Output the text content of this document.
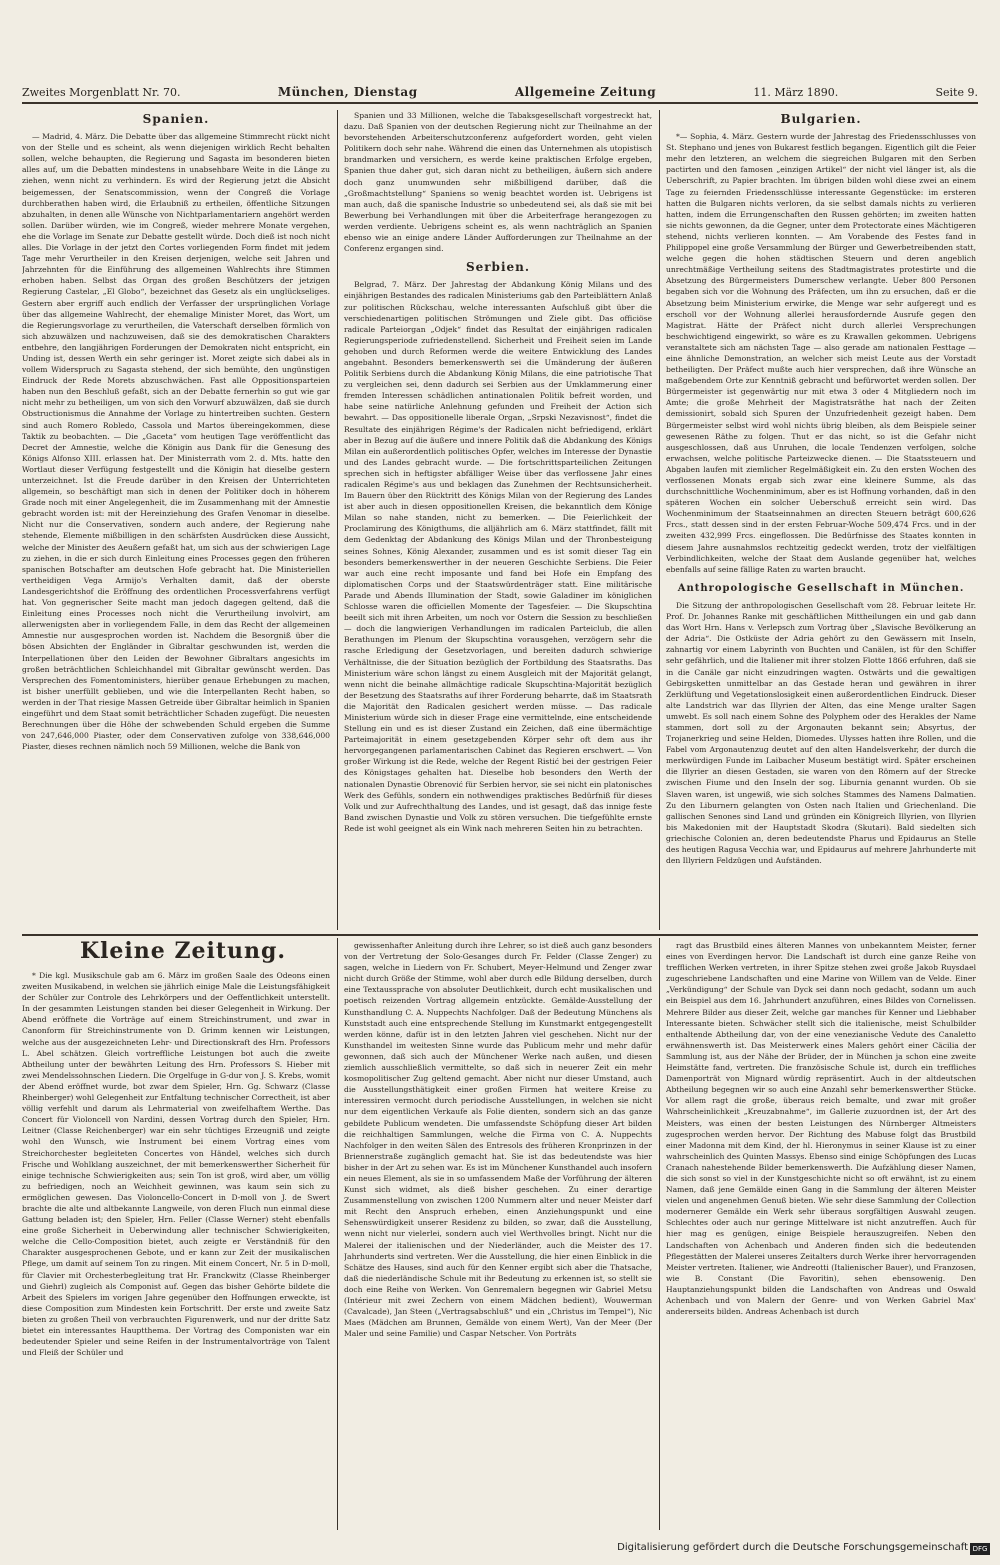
Zweites Morgenblatt Nr. 70.	München, Dienstag	Allgemeine Zeitung	11. März 1890.	Seite 9.
Spanien.

— Madrid, 4. März. Die Debatte über das allgemeine Stimmrecht rückt nicht von der Stelle und es scheint, als wenn diejenigen wirklich Recht behalten sollen, welche behaupten, die Regierung und Sagasta im besonderen bieten alles auf, um die Debatten mindestens in unabsehbare Weite in die Länge zu ziehen, wenn nicht zu verhindern. Es wird der Regierung jetzt die Absicht beigemessen, der Senatscommission, wenn der Congreß die Vorlage durchberathen haben wird, die Erlaubniß zu ertheilen, öffentliche Sitzungen abzuhalten, in denen alle Wünsche von Nichtparlamentariern angehört werden sollen. Darüber würden, wie im Congreß, wieder mehrere Monate vergehen, ehe die Vorlage im Senate zur Debatte gestellt würde. Doch dieß ist noch nicht alles. Die Vorlage in der jetzt den Cortes vorliegenden Form findet mit jedem Tage mehr Verurtheiler in den Kreisen derjenigen, welche seit Jahren und Jahrzehnten für die Einführung des allgemeinen Wahlrechts ihre Stimmen erhoben haben. Selbst das Organ des großen Beschützers der jetzigen Regierung Castelar, „El Globo“, bezeichnet das Gesetz als ein unglückseliges. Gestern aber ergriff auch endlich der Verfasser der ursprünglichen Vorlage über das allgemeine Wahlrecht, der ehemalige Minister Moret, das Wort, um die Regierungsvorlage zu verurtheilen, die Vaterschaft derselben förmlich von sich abzuwälzen und nachzuweisen, daß sie des demokratischen Charakters entbehre, den langjährigen Forderungen der Demokraten nicht entspricht, ein Unding ist, dessen Werth ein sehr geringer ist. Moret zeigte sich dabei als in vollem Widerspruch zu Sagasta stehend, der sich bemühte, den ungünstigen Eindruck der Rede Morets abzuschwächen. Fast alle Oppositionsparteien haben nun den Beschluß gefaßt, sich an der Debatte fernerhin so gut wie gar nicht mehr zu betheiligen, um von sich den Vorwurf abzuwälzen, daß sie durch Obstructionismus die Annahme der Vorlage zu hintertreiben suchten. Gestern sind auch Romero Robledo, Cassola und Martos übereingekommen, diese Taktik zu beobachten. — Die „Gaceta“ vom heutigen Tage veröffentlicht das Decret der Amnestie, welche die Königin aus Dank für die Genesung des Königs Alfonso XIII. erlassen hat. Der Ministerrath vom 2. d. Mts. hatte den Wortlaut dieser Verfügung festgestellt und die Königin hat dieselbe gestern unterzeichnet. Ist die Freude darüber in den Kreisen der Unterrichteten allgemein, so beschäftigt man sich in denen der Politiker doch in höherem Grade noch mit einer Angelegenheit, die im Zusammenhang mit der Amnestie gebracht worden ist: mit der Hereinziehung des Grafen Venomar in dieselbe. Nicht nur die Conservativen, sondern auch andere, der Regierung nahe stehende, Elemente mißbilligen in den schärfsten Ausdrücken diese Aussicht, welche der Minister des Aeußern gefaßt hat, um sich aus der schwierigen Lage zu ziehen, in die er sich durch Einleitung eines Processes gegen den früheren spanischen Botschafter am deutschen Hofe gebracht hat. Die Ministeriellen vertheidigen Vega Armijo's Verhalten damit, daß der oberste Landesgerichtshof die Eröffnung des ordentlichen Processverfahrens verfügt hat. Von gegnerischer Seite macht man jedoch dagegen geltend, daß die Einleitung eines Processes noch nicht die Verurtheilung involvirt, am allerwenigsten aber in vorliegendem Falle, in dem das Recht der allgemeinen Amnestie nur ausgesprochen worden ist. Nachdem die Besorgniß über die bösen Absichten der Engländer in Gibraltar geschwunden ist, werden die Interpellationen über den Leiden der Bewohner Gibraltars angesichts im großen beträchtlichen Schleichhandel mit Gibraltar gewünscht werden. Das Versprechen des Fomentoministers, hierüber genaue Erhebungen zu machen, ist bisher unerfüllt geblieben, und wie die Interpellanten Recht haben, so werden in der That riesige Massen Getreide über Gibraltar heimlich in Spanien eingeführt und dem Staat somit beträchtlicher Schaden zugefügt. Die neuesten Berechnungen über die Höhe der schwebenden Schuld ergeben die Summe von 247,646,000 Piaster, oder dem Conservativen zufolge von 338,646,000 Piaster, dieses rechnen nämlich noch 59 Millionen, welche die Bank von

Spanien und 33 Millionen, welche die Tabaksgesellschaft vorgestreckt hat, dazu. Daß Spanien von der deutschen Regierung nicht zur Theilnahme an der bevorstehenden Arbeiterschutzconferenz aufgefordert worden, geht vielen Politikern doch sehr nahe. Während die einen das Unternehmen als utopistisch brandmarken und versichern, es werde keine praktischen Erfolge ergeben, Spanien thue daher gut, sich daran nicht zu betheiligen, äußern sich andere doch ganz unumwunden sehr mißbilligend darüber, daß die „Großmachtstellung“ Spaniens so wenig beachtet worden ist. Uebrigens ist man auch, daß die spanische Industrie so unbedeutend sei, als daß sie mit bei Bewerbung bei Verhandlungen mit über die Arbeiterfrage herangezogen zu werden verdiente. Uebrigens scheint es, als wenn nachträglich an Spanien ebenso wie an einige andere Länder Aufforderungen zur Theilnahme an der Conferenz ergangen sind.

Serbien.

Belgrad, 7. März. Der Jahrestag der Abdankung König Milans und des einjährigen Bestandes des radicalen Ministeriums gab den Parteiblättern Anlaß zur politischen Rückschau, welche interessanten Aufschluß gibt über die verschiedenartigen politischen Strömungen und Ziele gibt. Das officiöse radicale Parteiorgan „Odjek“ findet das Resultat der einjährigen radicalen Regierungsperiode zufriedenstellend. Sicherheit und Freiheit seien im Lande gehoben und durch Reformen werde die weitere Entwicklung des Landes angebahnt. Besonders bemerkenswerth sei die Umänderung der äußeren Politik Serbiens durch die Abdankung König Milans, die eine patriotische That zu vergleichen sei, denn dadurch sei Serbien aus der Umklammerung einer fremden Interessen schädlichen antinationalen Politik befreit worden, und habe seine natürliche Anlehnung gefunden und Freiheit der Action sich bewahrt. — Das oppositionelle liberale Organ, „Srpski Nezavisnost“, findet die Resultate des einjährigen Régime's der Radicalen nicht befriedigend, erklärt aber in Bezug auf die äußere und innere Politik daß die Abdankung des Königs Milan ein außerordentlich politisches Opfer, welches im Interesse der Dynastie und des Landes gebracht wurde. — Die fortschrittsparteilichen Zeitungen sprechen sich in heftigster abfälliger Weise über das verflossene Jahr eines radicalen Régime's aus und beklagen das Zunehmen der Rechtsunsicherheit. Im Bauern über den Rücktritt des Königs Milan von der Regierung des Landes ist aber auch in diesen oppositionellen Kreisen, die bekanntlich dem Könige Milan so nahe standen, nicht zu bemerken. — Die Feierlichkeit der Proclamirung des Königthums, die alljährlich am 6. März stattfindet, fällt mit dem Gedenktag der Abdankung des Königs Milan und der Thronbesteigung seines Sohnes, König Alexander, zusammen und es ist somit dieser Tag ein besonders bemerkenswerther in der neueren Geschichte Serbiens. Die Feier war auch eine recht imposante und fand bei Hofe ein Empfang des diplomatischen Corps und der Staatswürdenträger statt. Eine militärische Parade und Abends Illumination der Stadt, sowie Galadiner im königlichen Schlosse waren die officiellen Momente der Tagesfeier. — Die Skupschtina beeilt sich mit ihren Arbeiten, um noch vor Ostern die Session zu beschließen — doch die langwierigen Verhandlungen im radicalen Parteiclub, die allen Berathungen im Plenum der Skupschtina vorausgehen, verzögern sehr die rasche Erledigung der Gesetzvorlagen, und bereiten dadurch schwierige Verhältnisse, die der Situation bezüglich der Fortbildung des Staatsraths. Das Ministerium wäre schon längst zu einem Ausgleich mit der Majorität gelangt, wenn nicht die beinahe allmächtige radicale Skupschtina-Majorität bezüglich der Besetzung des Staatsraths auf ihrer Forderung beharrte, daß im Staatsrath die Majorität den Radicalen gesichert werden müsse. — Das radicale Ministerium würde sich in dieser Frage eine vermittelnde, eine entscheidende Stellung ein und es ist dieser Zustand ein Zeichen, daß eine übermächtige Parteimajorität in einem gesetzgebenden Körper sehr oft dem aus ihr hervorgegangenen parlamentarischen Cabinet das Regieren erschwert. — Von großer Wirkung ist die Rede, welche der Regent Ristić bei der gestrigen Feier des Königstages gehalten hat. Dieselbe hob besonders den Werth der nationalen Dynastie Obrenović für Serbien hervor, sie sei nicht ein platonisches Werk des Gefühls, sondern ein nothwendiges praktisches Bedürfniß für dieses Volk und zur Aufrechthaltung des Landes, und ist gesagt, daß das innige feste Band zwischen Dynastie und Volk zu stören versuchen. Die tiefgefühlte ernste Rede ist wohl geeignet als ein Wink nach mehreren Seiten hin zu betrachten.

Bulgarien.

*— Sophia, 4. März. Gestern wurde der Jahrestag des Friedensschlusses von St. Stephano und jenes von Bukarest festlich begangen. Eigentlich gilt die Feier mehr den letzteren, an welchem die siegreichen Bulgaren mit den Serben pactirten und den famosen „einzigen Artikel“ der nicht viel länger ist, als die Ueberschrift, zu Papier brachten. Im übrigen bilden wohl diese zwei an einem Tage zu feiernden Friedensschlüsse interessante Gegenstücke: im ersteren hatten die Bulgaren nichts verloren, da sie selbst damals nichts zu verlieren hatten, indem die Errungenschaften den Russen gehörten; im zweiten hatten sie nichts gewonnen, da die Gegner, unter dem Protectorate eines Mächtigeren stehend, nichts verlieren konnten. — Am Vorabende des Festes fand in Philippopel eine große Versammlung der Bürger und Gewerbetreibenden statt, welche gegen die hohen städtischen Steuern und deren angeblich unrechtmäßige Vertheilung seitens des Stadtmagistrates protestirte und die Absetzung des Bürgermeisters Dumerschew verlangte. Ueber 800 Personen begaben sich vor die Wohnung des Präfecten, um ihn zu ersuchen, daß er die Absetzung beim Ministerium erwirke, die Menge war sehr aufgeregt und es erscholl vor der Wohnung allerlei herausfordernde Ausrufe gegen den Magistrat. Hätte der Präfect nicht durch allerlei Versprechungen beschwichtigend eingewirkt, so wäre es zu Krawallen gekommen. Uebrigens veranstaltete sich am nächsten Tage — also gerade am nationalen Festtage — eine ähnliche Demonstration, an welcher sich meist Leute aus der Vorstadt betheiligten. Der Präfect mußte auch hier versprechen, daß ihre Wünsche an maßgebendem Orte zur Kenntniß gebracht und befürwortet werden sollen. Der Bürgermeister ist gegenwärtig nur mit etwa 3 oder 4 Mitgliedern noch im Amte; die große Mehrheit der Magistratsräthe hat nach der Zeiten demissionirt, sobald sich Spuren der Unzufriedenheit gezeigt haben. Dem Bürgermeister selbst wird wohl nichts übrig bleiben, als dem Beispiele seiner gewesenen Räthe zu folgen. Thut er das nicht, so ist die Gefahr nicht ausgeschlossen, daß aus Unruhen, die locale Tendenzen verfolgen, solche erwachsen, welche politische Parteizwecke dienen. — Die Staatssteuern und Abgaben laufen mit ziemlicher Regelmäßigkeit ein. Zu den ersten Wochen des verflossenen Monats ergab sich zwar eine kleinere Summe, als das durchschnittliche Wochenminimum, aber es ist Hoffnung vorhanden, daß in den späteren Wochen ein solcher Ueberschuß erreicht sein wird. Das Wochenminimum der Staatseinnahmen an directen Steuern beträgt 600,626 Frcs., statt dessen sind in der ersten Februar-Woche 509,474 Frcs. und in der zweiten 432,999 Frcs. eingeflossen. Die Bedürfnisse des Staates konnten in diesem Jahre ausnahmslos rechtzeitig gedeckt werden, trotz der vielfältigen Verbindlichkeiten, welche der Staat dem Auslande gegenüber hat, welches ebenfalls auf seine fällige Raten zu warten braucht.

Anthropologische Gesellschaft in München.

Die Sitzung der anthropologischen Gesellschaft vom 28. Februar leitete Hr. Prof. Dr. Johannes Ranke mit geschäftlichen Mittheilungen ein und gab dann das Wort Hrn. Hans v. Verlepsch zum Vortrag über „Slavische Bevölkerung an der Adria“. Die Ostküste der Adria gehört zu den Gewässern mit Inseln, zahnartig vor einem Labyrinth von Buchten und Canälen, ist für den Schiffer sehr gefährlich, und die Italiener mit ihrer stolzen Flotte 1866 erfuhren, daß sie in die Canäle gar nicht einzudringen wagten. Ostwärts und die gewaltigen Gebirgsketten unmittelbar an das Gestade heran und gewähren in ihrer Zerklüftung und Vegetationslosigkeit einen außerordentlichen Eindruck. Dieser alte Landstrich war das Illyrien der Alten, das eine Menge uralter Sagen umwebt. Es soll nach einem Sohne des Polyphem oder des Herakles der Name stammen, dort soll zu der Argonauten bekannt sein; Absyrtus, der Trojanerkrieg und seine Helden, Diomedes. Ulysses hatten ihre Rollen, und die Fabel vom Argonautenzug deutet auf den alten Handelsverkehr, der durch die merkwürdigen Funde im Laibacher Museum bestätigt wird. Später erscheinen die Illyrier an diesen Gestaden, sie waren von den Römern auf der Strecke zwischen Fiume und den Inseln der sog. Liburnia genannt wurden. Ob sie Slaven waren, ist ungewiß, wie sich solches Stammes des Namens Dalmatien. Zu den Liburnern gelangten von Osten nach Italien und Griechenland. Die gallischen Senones sind Land und gründen ein Königreich Illyrien, von Illyrien bis Makedonien mit der Hauptstadt Skodra (Skutari). Bald siedelten sich griechische Colonien an, deren bedeutendste Pharus und Epidaurus an Stelle des heutigen Ragusa Vecchia war, und Epidaurus auf mehrere Jahrhunderte mit den Illyriern Feldzügen und Aufständen.

Kleine Zeitung.

* Die kgl. Musikschule gab am 6. März im großen Saale des Odeons einen zweiten Musikabend, in welchen sie jährlich einige Male die Leistungsfähigkeit der Schüler zur Controle des Lehrkörpers und der Oeffentlichkeit unterstellt. In der gesammten Leistungen standen bei dieser Gelegenheit in Wirkung. Der Abend eröffnete die Vorträge auf einem Streichinstrument, und zwar in Canonform für Streichinstrumente von D. Grimm kennen wir Leistungen, welche aus der ausgezeichneten Lehr- und Directionskraft des Hrn. Professors L. Abel schätzen. Gleich vortreffliche Leistungen bot auch die zweite Abtheilung unter der bewährten Leitung des Hrn. Professors S. Hieber mit zwei Mendelssohnschen Liedern. Die Orgelfuge in G-dur von J. S. Krebs, womit der Abend eröffnet wurde, bot zwar dem Spieler, Hrn. Gg. Schwarz (Classe Rheinberger) wohl Gelegenheit zur Entfaltung technischer Correctheit, ist aber völlig verfehlt und darum als Lehrmaterial von zweifelhaftem Werthe. Das Concert für Violoncell von Nardini, dessen Vortrag durch den Spieler, Hrn. Leitner (Classe Reichenberger) war ein sehr tüchtiges Erzeugniß und zeigte wohl den Wunsch, wie Instrument bei einem Vortrag eines vom Streichorchester begleiteten Concertes von Händel, welches sich durch Frische und Wohlklang auszeichnet, der mit bemerkenswerther Sicherheit für einige technische Schwierigkeiten aus; sein Ton ist groß, wird aber, um völlig zu befriedigen, noch an Weichheit gewinnen, was kaum sein sich zu ermöglichen gewesen. Das Violoncello-Concert in D-moll von J. de Swert brachte die alte und altbekannte Langweile, von deren Fluch nun einmal diese Gattung beladen ist; den Spieler, Hrn. Feller (Classe Werner) steht ebenfalls eine große Sicherheit in Ueberwindung aller technischer Schwierigkeiten, welche die Cello-Composition bietet, auch zeigte er Verständniß für den Charakter ausgesprochenen Gebote, und er kann zur Zeit der musikalischen Pflege, um damit auf seinem Ton zu ringen. Mit einem Concert, Nr. 5 in D-moll, für Clavier mit Orchesterbegleitung trat Hr. Franckwitz (Classe Rheinberger und Giehrl) zugleich als Componist auf. Gegen das bisher Gehörte bildete die Arbeit des Spielers im vorigen Jahre gegenüber den Hoffnungen erweckte, ist diese Composition zum Mindesten kein Fortschritt. Der erste und zweite Satz bieten zu großen Theil von verbrauchten Figurenwerk, und nur der dritte Satz bietet ein interessantes Hauptthema. Der Vortrag des Componisten war ein bedeutender Spieler und seine Reifen in der Instrumentalvorträge von Talent und Fleiß der Schüler und

gewissenhafter Anleitung durch ihre Lehrer, so ist dieß auch ganz besonders von der Vertretung der Solo-Gesanges durch Fr. Felder (Classe Zenger) zu sagen, welche in Liedern von Fr. Schubert, Meyer-Helmund und Zenger zwar nicht durch Größe der Stimme, wohl aber durch edle Bildung derselben, durch eine Textaussprache von absoluter Deutlichkeit, durch echt musikalischen und poetisch reizenden Vortrag allgemein entzückte. Gemälde-Ausstellung der Kunsthandlung C. A. Nuppechts Nachfolger. Daß der Bedeutung Münchens als Kunststadt auch eine entsprechende Stellung im Kunstmarkt entgegengestellt werden könne, dafür ist in den letzten Jahren viel geschehen. Nicht nur der Kunsthandel im weitesten Sinne wurde das Publicum mehr und mehr dafür gewonnen, daß sich auch der Münchener Werke nach außen, und diesen ziemlich ausschließlich vermittelte, so daß sich in neuerer Zeit ein mehr kosmopolitischer Zug geltend gemacht. Aber nicht nur dieser Umstand, auch die Ausstellungsthätigkeit einer großen Firmen hat weitere Kreise zu interessiren vermocht durch periodische Ausstellungen, in welchen sie nicht nur dem eigentlichen Verkaufe als Folie dienten, sondern sich an das ganze gebildete Publicum wendeten. Die umfassendste Schöpfung dieser Art bilden die reichhaltigen Sammlungen, welche die Firma von C. A. Nuppechts Nachfolger in den weiten Sälen des Entresols des früheren Kronprinzen in der Briennerstraße zugänglich gemacht hat. Sie ist das bedeutendste was hier bisher in der Art zu sehen war. Es ist im Münchener Kunsthandel auch insofern ein neues Element, als sie in so umfassendem Maße der Vorführung der älteren Kunst sich widmet, als dieß bisher geschehen. Zu einer derartige Zusammenstellung von zwischen 1200 Nummern alter und neuer Meister darf mit Recht den Anspruch erheben, einen Anziehungspunkt und eine Sehenswürdigkeit unserer Residenz zu bilden, so zwar, daß die Ausstellung, wenn nicht nur vielerlei, sondern auch viel Werthvolles bringt. Nicht nur die Malerei der italienischen und der Niederländer, auch die Meister des 17. Jahrhunderts sind vertreten. Wer die Ausstellung, die hier einen Einblick in die Schätze des Hauses, sind auch für den Kenner ergibt sich aber die Thatsache, daß die niederländische Schule mit ihr Bedeutung zu erkennen ist, so stellt sie doch eine Reihe von Werken. Von Genremalern begegnen wir Gabriel Metsu (Intérieur mit zwei Zechern von einem Mädchen bedient), Wouwerman (Cavalcade), Jan Steen („Vertragsabschluß“ und ein „Christus im Tempel“), Nic Maes (Mädchen am Brunnen, Gemälde von einem Wert), Van der Meer (Der Maler und seine Familie) und Caspar Netscher. Von Porträts

ragt das Brustbild eines älteren Mannes von unbekanntem Meister, ferner eines von Everdingen hervor. Die Landschaft ist durch eine ganze Reihe von trefflichen Werken vertreten, in ihrer Spitze stehen zwei große Jakob Ruysdael zugeschriebene Landschaften und eine Marine von Willem van de Velde. Einer „Verkündigung“ der Schule van Dyck sei dann noch gedacht, sodann um auch ein Beispiel aus dem 16. Jahrhundert anzuführen, eines Bildes von Cornelissen. Mehrere Bilder aus dieser Zeit, welche gar manches für Kenner und Liebhaber Interessante bieten. Schwächer stellt sich die italienische, meist Schulbilder enthaltende Abtheilung dar, von der eine venezianische Vedute des Canaletto erwähnenswerth ist. Das Meisterwerk eines Malers gehört einer Cäcilia der Sammlung ist, aus der Nähe der Brüder, der in München ja schon eine zweite Heimstätte fand, vertreten. Die französische Schule ist, durch ein treffliches Damenporträt von Mignard würdig repräsentirt. Auch in der altdeutschen Abtheilung begegnen wir so auch eine Anzahl sehr bemerkenswerther Stücke. Vor allem ragt die große, überaus reich bemalte, und zwar mit großer Wahrscheinlichkeit „Kreuzabnahme“, im Gallerie zuzuordnen ist, der Art des Meisters, was einen der besten Leistungen des Nürnberger Altmeisters zugesprochen werden hervor. Der Richtung des Mabuse folgt das Brustbild einer Madonna mit dem Kind, der hl. Hieronymus in seiner Klause ist zu einer wahrscheinlich des Quinten Massys. Ebenso sind einige Schöpfungen des Lucas Cranach nahestehende Bilder bemerkenswerth. Die Aufzählung dieser Namen, die sich sonst so viel in der Kunstgeschichte nicht so oft erwähnt, ist zu einem Namen, daß jene Gemälde einen Gang in die Sammlung der älteren Meister vielen und angenehmen Genuß bieten. Wie sehr diese Sammlung der Collection modernerer Gemälde ein Werk sehr überaus sorgfältigen Auswahl zeugen. Schlechtes oder auch nur geringe Mittelware ist nicht anzutreffen. Auch für hier mag es genügen, einige Beispiele herauszugreifen. Neben den Landschaften von Achenbach und Anderen finden sich die bedeutenden Pflegestätten der Malerei unseres Zeitalters durch Werke ihrer hervorragenden Meister vertreten. Italiener, wie Andreotti (Italienischer Bauer), und Franzosen, wie B. Constant (Die Favoritin), sehen ebensowenig. Den Hauptanziehungspunkt bilden die Landschaften von Andreas und Oswald Achenbach und von Malern der Genre- und von Werken Gabriel Max' andererseits bilden. Andreas Achenbach ist durch

Digitalisierung gefördert durch die Deutsche Forschungsgemeinschaft DFG
